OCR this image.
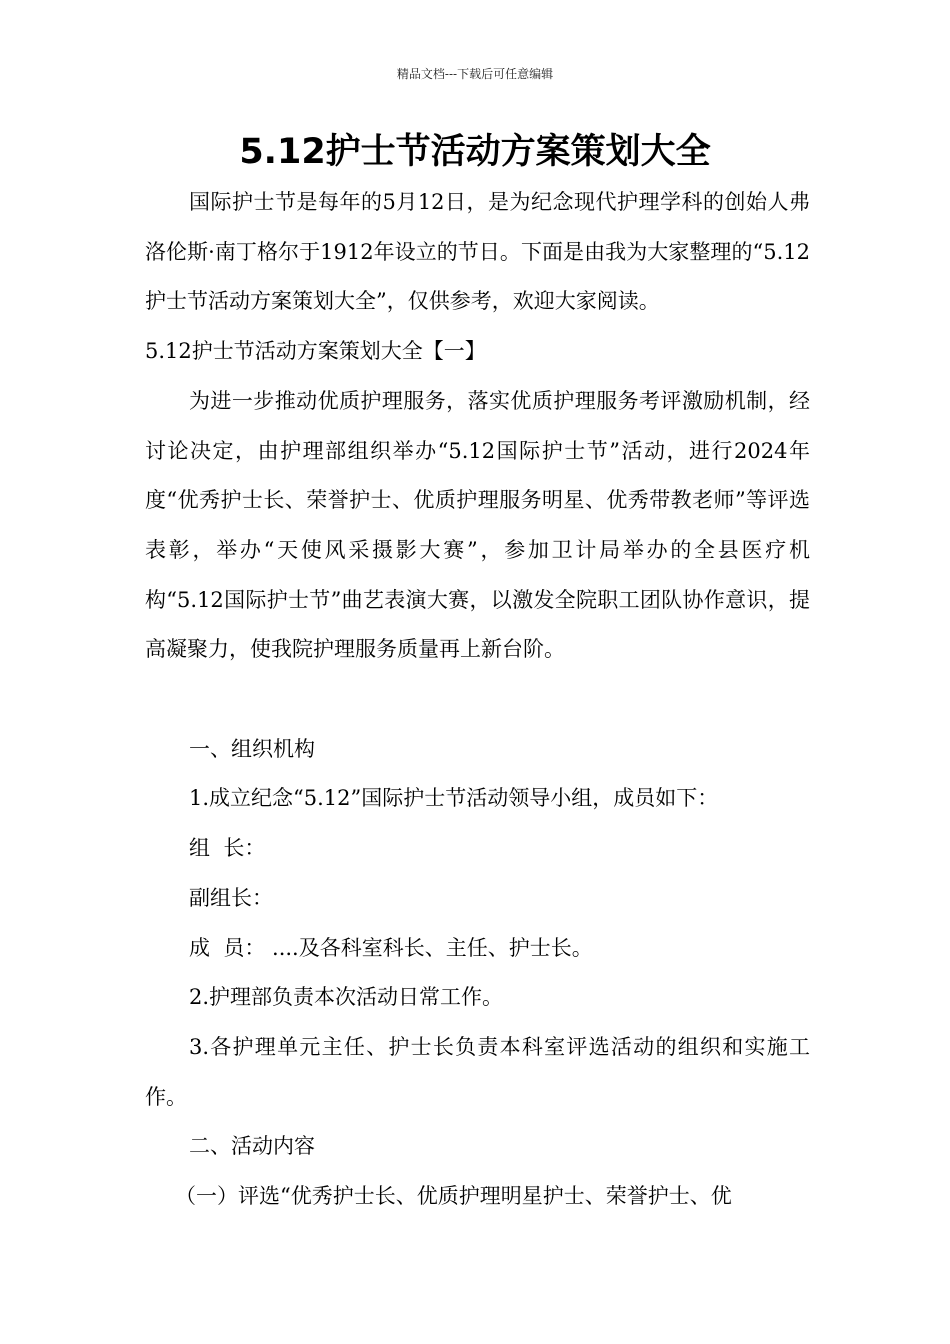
精品文档---下载后可任意编辑
5.12护士节活动方案策划大全

国际护士节是每年的5月12日，是为纪念现代护理学科的创始人弗洛伦斯·南丁格尔于1912年设立的节日。下面是由我为大家整理的“5.12护士节活动方案策划大全”，仅供参考，欢迎大家阅读。

5.12护士节活动方案策划大全【一】

为进一步推动优质护理服务，落实优质护理服务考评激励机制，经讨论决定，由护理部组织举办“5.12国际护士节”活动，进行2024年度“优秀护士长、荣誉护士、优质护理服务明星、优秀带教老师”等评选表彰，举办“天使风采摄影大赛”，参加卫计局举办的全县医疗机构“5.12国际护士节”曲艺表演大赛，以激发全院职工团队协作意识，提高凝聚力，使我院护理服务质量再上新台阶。

一、组织机构

1.成立纪念“5.12”国际护士节活动领导小组，成员如下：

组  长：

副组长：

成  员： ....及各科室科长、主任、护士长。

2.护理部负责本次活动日常工作。

3.各护理单元主任、护士长负责本科室评选活动的组织和实施工作。

二、活动内容

（一）评选“优秀护士长、优质护理明星护士、荣誉护士、优
